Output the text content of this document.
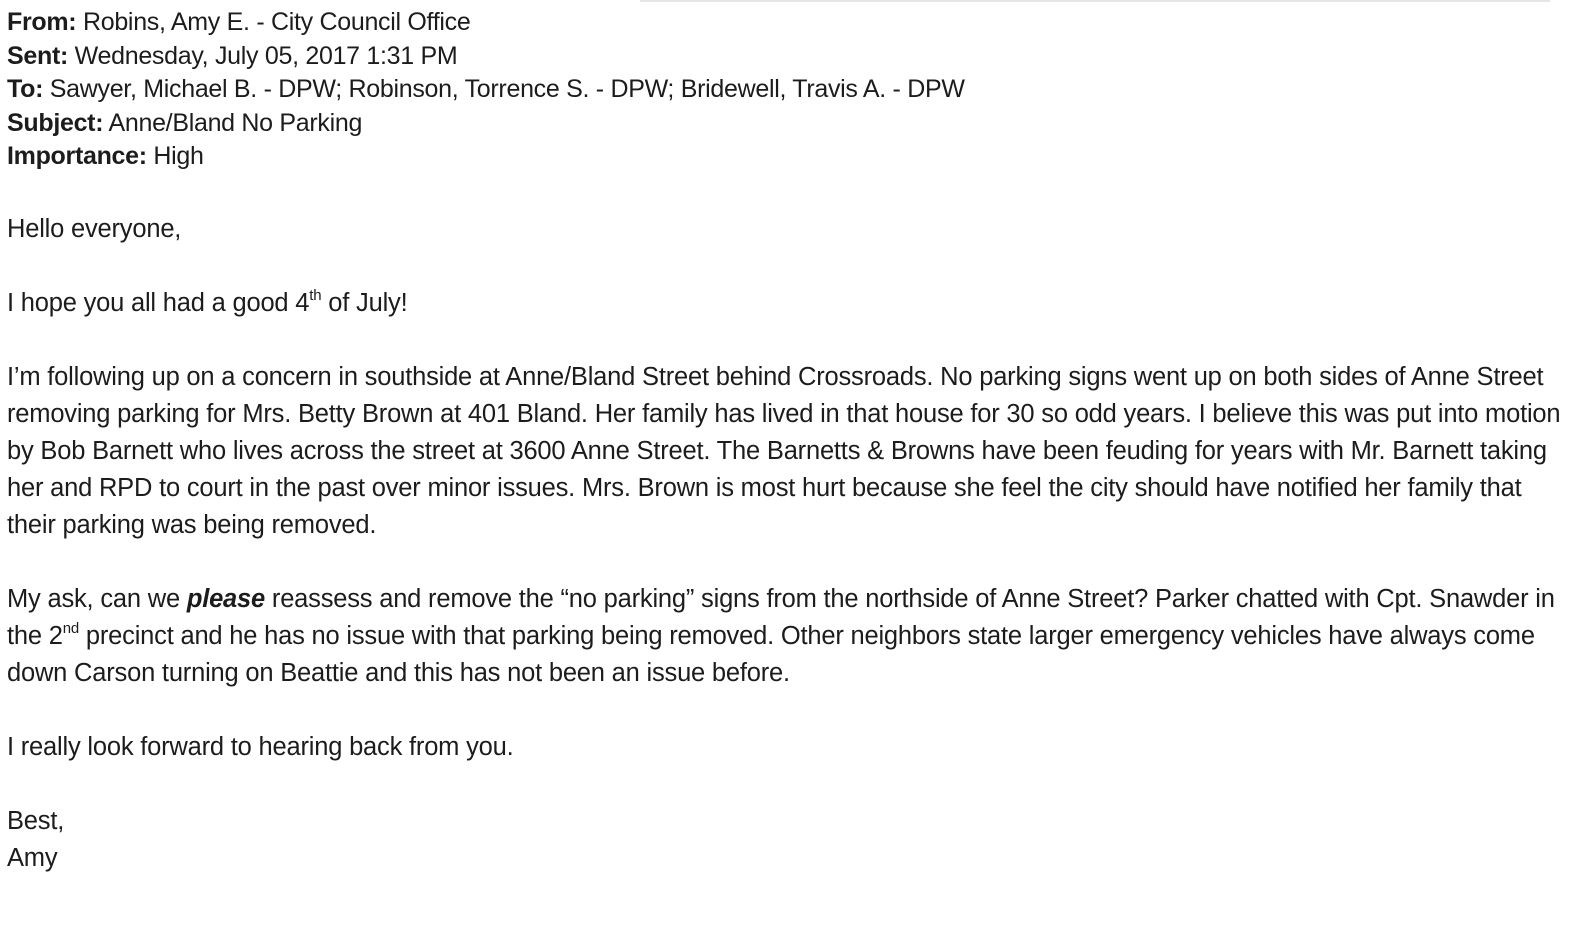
From: Robins, Amy E. - City Council Office
Sent: Wednesday, July 05, 2017 1:31 PM
To: Sawyer, Michael B. - DPW; Robinson, Torrence S. - DPW; Bridewell, Travis A. - DPW
Subject: Anne/Bland No Parking
Importance: High

Hello everyone,

I hope you all had a good 4th of July!

I’m following up on a concern in southside at Anne/Bland Street behind Crossroads. No parking signs went up on both sides of Anne Street removing parking for Mrs. Betty Brown at 401 Bland. Her family has lived in that house for 30 so odd years. I believe this was put into motion by Bob Barnett who lives across the street at 3600 Anne Street. The Barnetts & Browns have been feuding for years with Mr. Barnett taking her and RPD to court in the past over minor issues. Mrs. Brown is most hurt because she feel the city should have notified her family that their parking was being removed.

My ask, can we please reassess and remove the “no parking” signs from the northside of Anne Street? Parker chatted with Cpt. Snawder in the 2nd precinct and he has no issue with that parking being removed. Other neighbors state larger emergency vehicles have always come down Carson turning on Beattie and this has not been an issue before.

I really look forward to hearing back from you.

Best,

Amy
